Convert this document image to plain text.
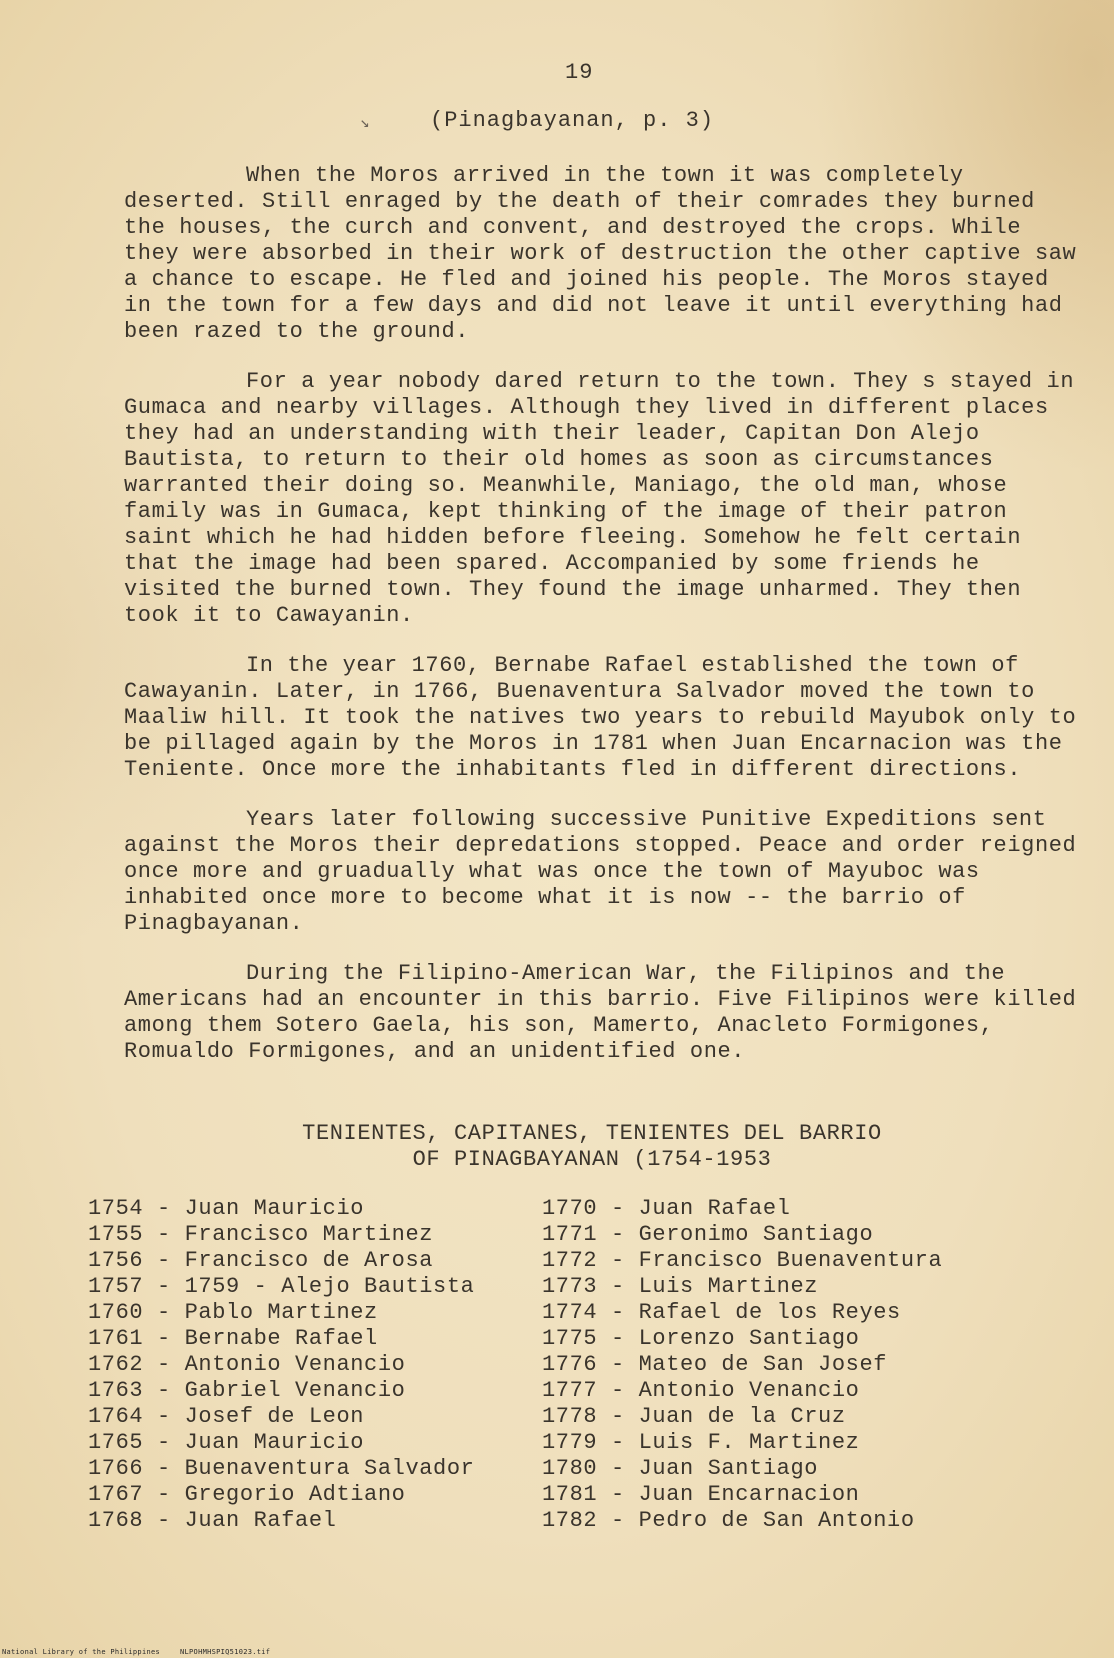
19
↘	(Pinagbayanan, p. 3)

When the Moros arrived in the town it was completely deserted. Still enraged by the death of their comrades they burned the houses, the curch and convent, and destroyed the crops. While they were absorbed in their work of destruction the other captive saw a chance to escape. He fled and joined his people. The Moros stayed in the town for a few days and did not leave it until everything had been razed to the ground.

For a year nobody dared return to the town. They s stayed in Gumaca and nearby villages. Although they lived in different places they had an understanding with their leader, Capitan Don Alejo Bautista, to return to their old homes as soon as circumstances warranted their doing so. Meanwhile, Maniago, the old man, whose family was in Gumaca, kept thinking of the image of their patron saint which he had hidden before fleeing. Somehow he felt certain that the image had been spared. Accompanied by some friends he visited the burned town. They found the image unharmed. They then took it to Cawayanin.

In the year 1760, Bernabe Rafael established the town of Cawayanin. Later, in 1766, Buenaventura Salvador moved the town to Maaliw hill. It took the natives two years to rebuild Mayubok only to be pillaged again by the Moros in 1781 when Juan Encarnacion was the Teniente. Once more the inhabitants fled in different directions.

Years later following successive Punitive Expeditions sent against the Moros their depredations stopped. Peace and order reigned once more and gruadually what was once the town of Mayuboc was inhabited once more to become what it is now -- the barrio of Pinagbayanan.

During the Filipino-American War, the Filipinos and the Americans had an encounter in this barrio. Five Filipinos were killed among them Sotero Gaela, his son, Mamerto, Anacleto Formigones, Romualdo Formigones, and an unidentified one.

TENIENTES, CAPITANES, TENIENTES DEL BARRIO
OF PINAGBAYANAN (1754-1953
1754 - Juan Mauricio
1755 - Francisco Martinez
1756 - Francisco de Arosa
1757 - 1759 - Alejo Bautista
1760 - Pablo Martinez
1761 - Bernabe Rafael
1762 - Antonio Venancio
1763 - Gabriel Venancio
1764 - Josef de Leon
1765 - Juan Mauricio
1766 - Buenaventura Salvador
1767 - Gregorio Adtiano
1768 - Juan Rafael
1770 - Juan Rafael
1771 - Geronimo Santiago
1772 - Francisco Buenaventura
1773 - Luis Martinez
1774 - Rafael de los Reyes
1775 - Lorenzo Santiago
1776 - Mateo de San Josef
1777 - Antonio Venancio
1778 - Juan de la Cruz
1779 - Luis F. Martinez
1780 - Juan Santiago
1781 - Juan Encarnacion
1782 - Pedro de San Antonio
National Library of the Philippines	NLPOHMHSPIQ51023.tif
